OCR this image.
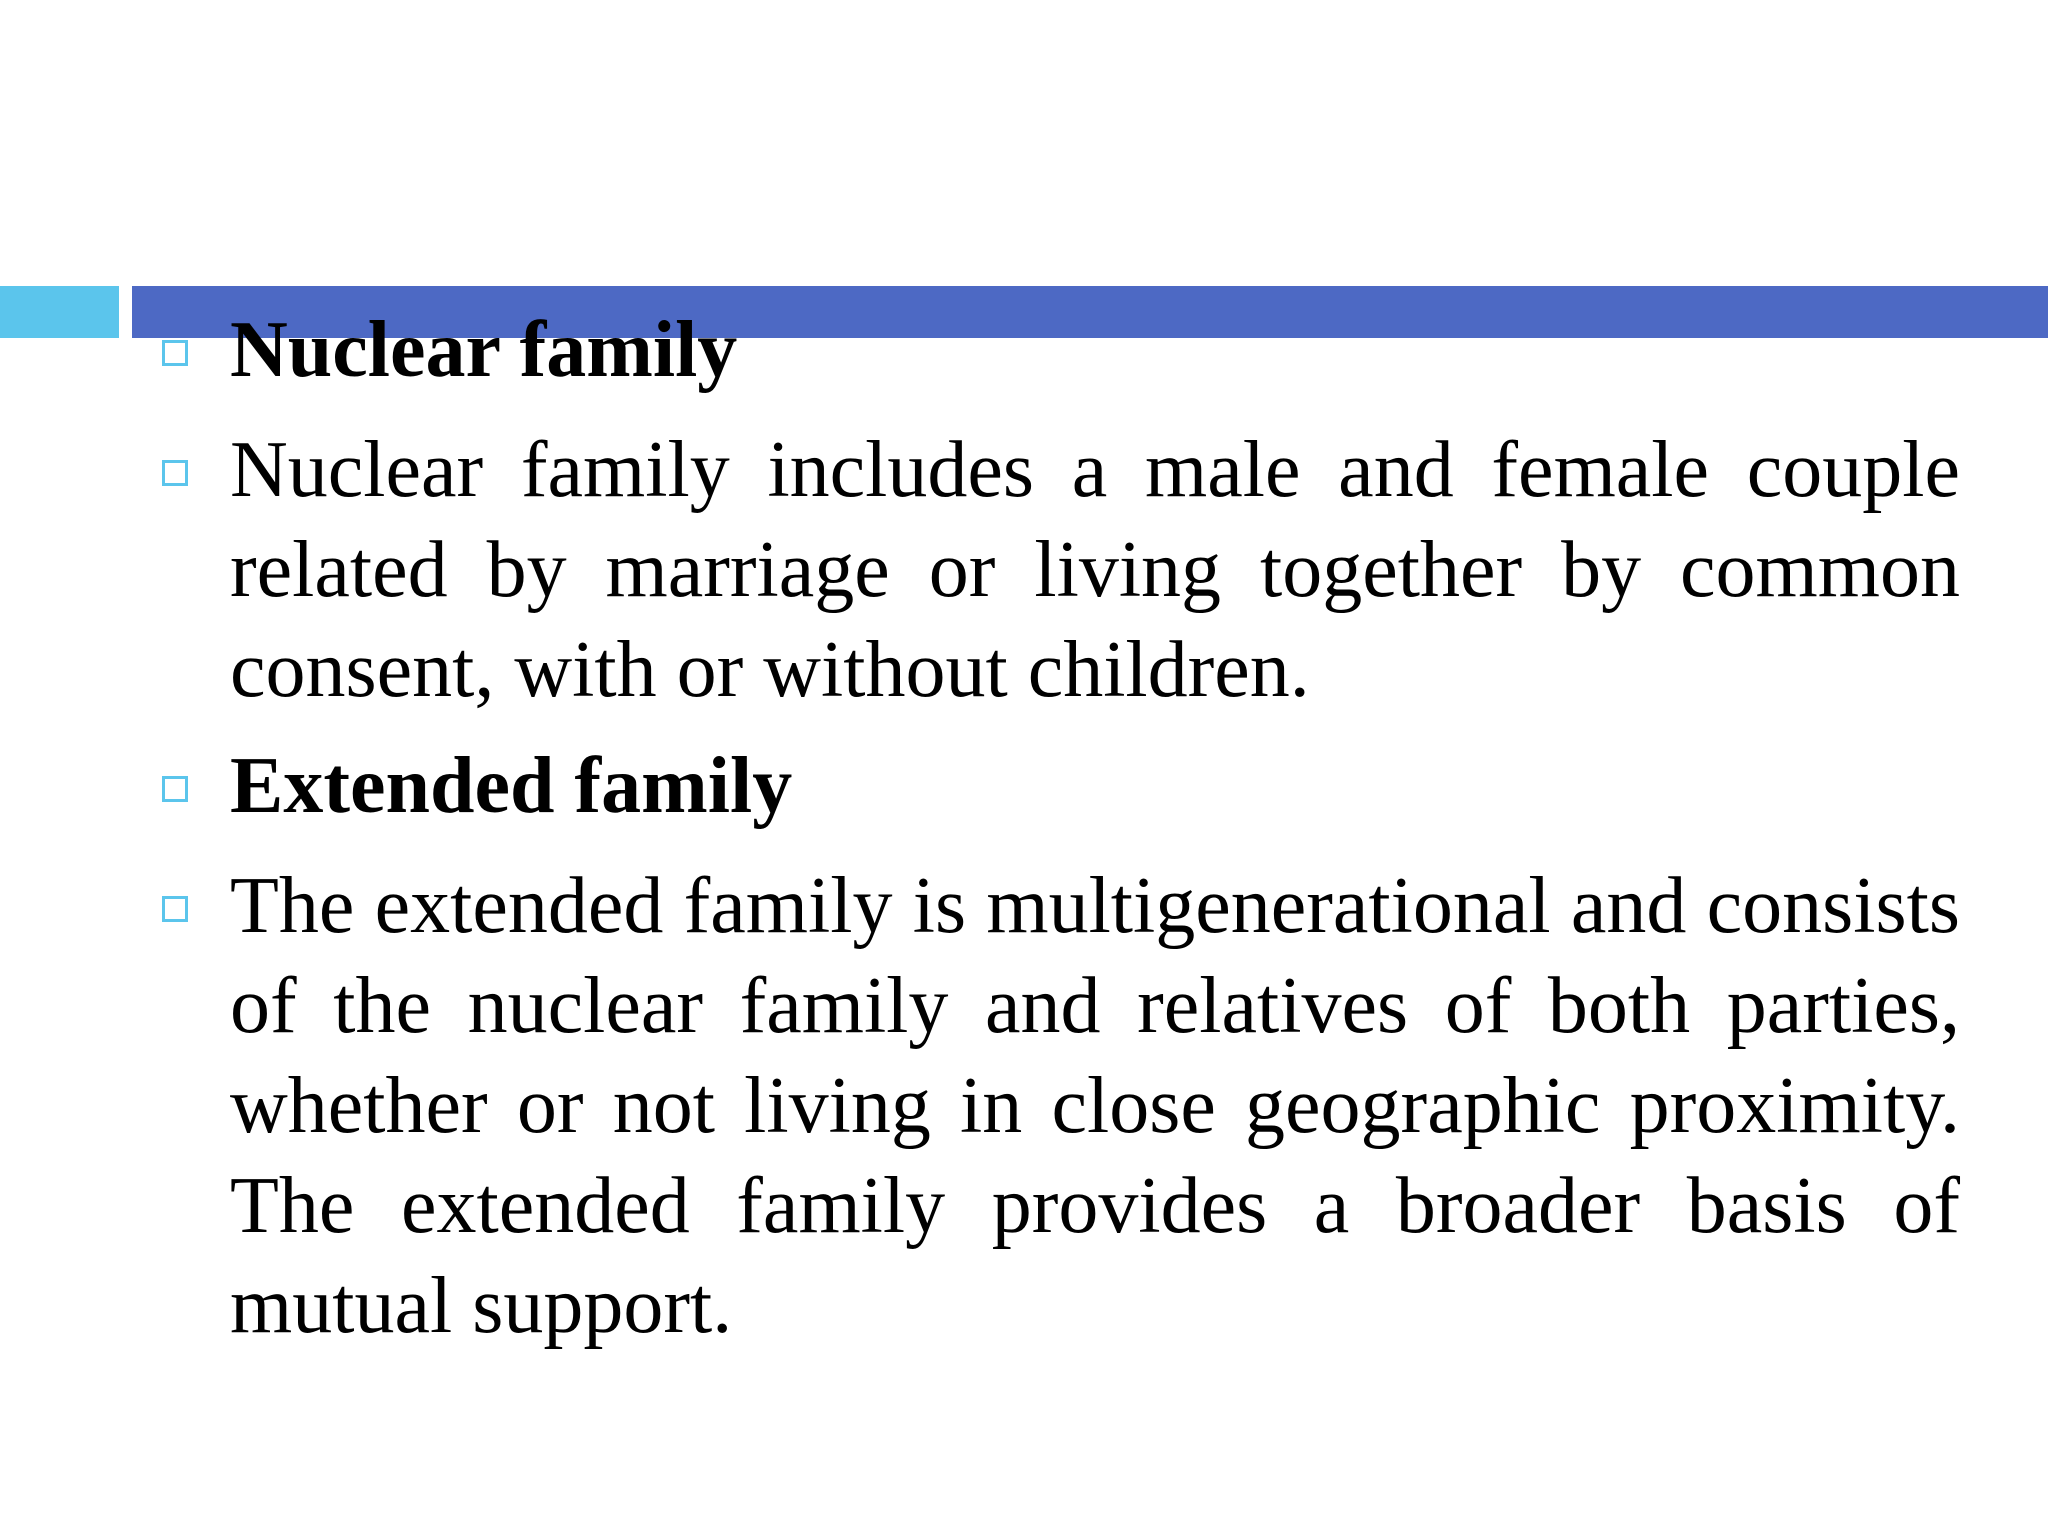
Nuclear family
Nuclear family includes a male and female couple related by marriage or living together by common consent, with or without children.
Extended family
The extended family is multigenerational and consists of the nuclear family and relatives of both parties, whether or not living in close geographic proximity. The extended family provides a broader basis of mutual support.
